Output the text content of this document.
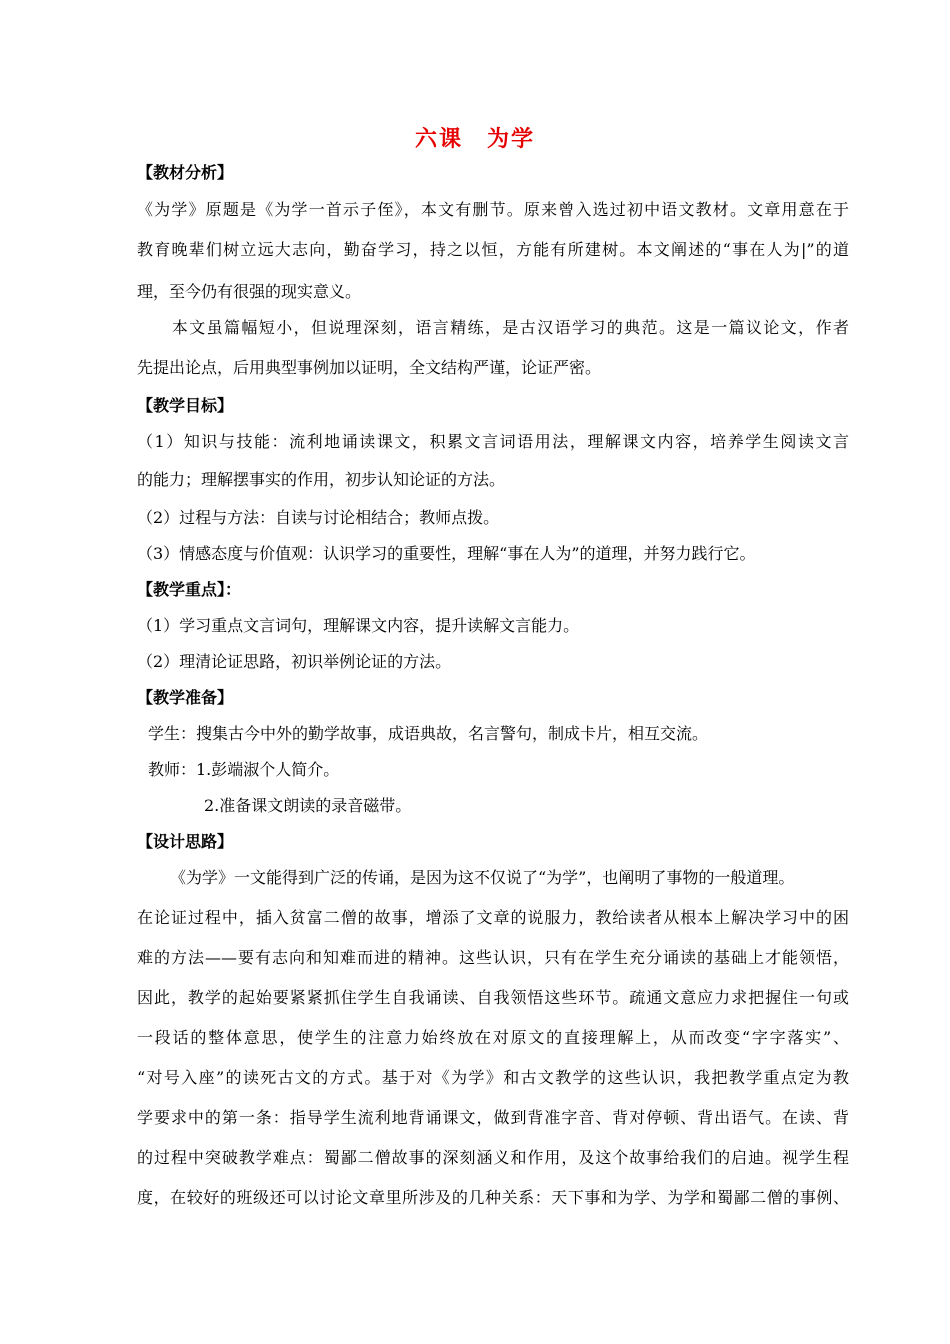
六课　为学
【教材分析】
《为学》原题是《为学一首示子侄》，本文有删节。原来曾入选过初中语文教材。文章用意在于
教育晚辈们树立远大志向，勤奋学习，持之以恒，方能有所建树。本文阐述的“事在人为|”的道
理，至今仍有很强的现实意义。
　　本文虽篇幅短小，但说理深刻，语言精练，是古汉语学习的典范。这是一篇议论文，作者
先提出论点，后用典型事例加以证明，全文结构严谨，论证严密。
【教学目标】
（1）知识与技能：流利地诵读课文，积累文言词语用法，理解课文内容，培养学生阅读文言
的能力；理解摆事实的作用，初步认知论证的方法。
（2）过程与方法：自读与讨论相结合；教师点拨。
（3）情感态度与价值观：认识学习的重要性，理解“事在人为”的道理，并努力践行它。
【教学重点】：
（1）学习重点文言词句，理解课文内容，提升读解文言能力。
（2）理清论证思路，初识举例论证的方法。
【教学准备】
学生：搜集古今中外的勤学故事，成语典故，名言警句，制成卡片，相互交流。
教师：1.彭端淑个人简介。
2.准备课文朗读的录音磁带。
【设计思路】
《为学》一文能得到广泛的传诵，是因为这不仅说了“为学”，也阐明了事物的一般道理。
在论证过程中，插入贫富二僧的故事，增添了文章的说服力，教给读者从根本上解决学习中的困
难的方法——要有志向和知难而进的精神。这些认识，只有在学生充分诵读的基础上才能领悟，
因此，教学的起始要紧紧抓住学生自我诵读、自我领悟这些环节。疏通文意应力求把握住一句或
一段话的整体意思，使学生的注意力始终放在对原文的直接理解上，从而改变“字字落实”、
“对号入座”的读死古文的方式。基于对《为学》和古文教学的这些认识，我把教学重点定为教
学要求中的第一条：指导学生流利地背诵课文，做到背准字音、背对停顿、背出语气。在读、背
的过程中突破教学难点：蜀鄙二僧故事的深刻涵义和作用，及这个故事给我们的启迪。视学生程
度，在较好的班级还可以讨论文章里所涉及的几种关系：天下事和为学、为学和蜀鄙二僧的事例、
